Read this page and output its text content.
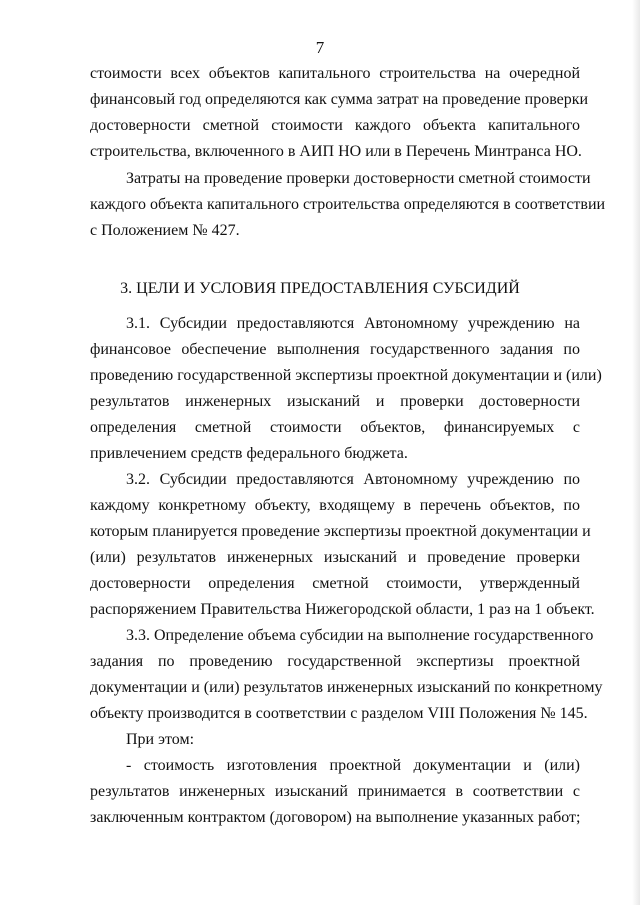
7
стоимости всех объектов капитального строительства на очередной
финансовый год определяются как сумма затрат на проведение проверки
достоверности сметной стоимости каждого объекта капитального
строительства, включенного в АИП НО или в Перечень Минтранса НО.
Затраты на проведение проверки достоверности сметной стоимости
каждого объекта капитального строительства определяются в соответствии
с Положением № 427.
3. ЦЕЛИ И УСЛОВИЯ ПРЕДОСТАВЛЕНИЯ СУБСИДИЙ
3.1. Субсидии предоставляются Автономному учреждению на
финансовое обеспечение выполнения государственного задания по
проведению государственной экспертизы проектной документации и (или)
результатов инженерных изысканий и проверки достоверности
определения сметной стоимости объектов, финансируемых с
привлечением средств федерального бюджета.
3.2. Субсидии предоставляются Автономному учреждению по
каждому конкретному объекту, входящему в перечень объектов, по
которым планируется проведение экспертизы проектной документации и
(или) результатов инженерных изысканий и проведение проверки
достоверности определения сметной стоимости, утвержденный
распоряжением Правительства Нижегородской области, 1 раз на 1 объект.
3.3. Определение объема субсидии на выполнение государственного
задания по проведению государственной экспертизы проектной
документации и (или) результатов инженерных изысканий по конкретному
объекту производится в соответствии с разделом VIII Положения № 145.
При этом:
- стоимость изготовления проектной документации и (или)
результатов инженерных изысканий принимается в соответствии с
заключенным контрактом (договором) на выполнение указанных работ;
